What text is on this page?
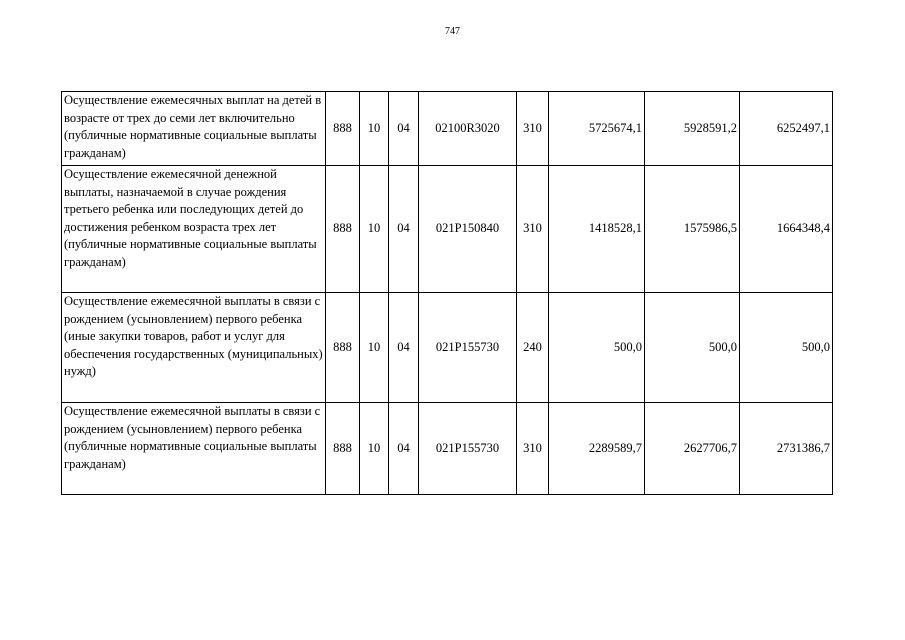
747
Осуществление ежемесячных выплат на детей в возрасте от трех до семи лет включительно (публичные нормативные социальные выплаты гражданам)	888	10	04	02100R3020	310	5725674,1	5928591,2	6252497,1
Осуществление ежемесячной денежной выплаты, назначаемой в случае рождения третьего ребенка или последующих детей до достижения ребенком возраста трех лет (публичные нормативные социальные выплаты гражданам)	888	10	04	021P150840	310	1418528,1	1575986,5	1664348,4
Осуществление ежемесячной выплаты в связи с рождением (усыновлением) первого ребенка (иные закупки товаров, работ и услуг для обеспечения государственных (муниципальных) нужд)	888	10	04	021P155730	240	500,0	500,0	500,0
Осуществление ежемесячной выплаты в связи с рождением (усыновлением) первого ребенка (публичные нормативные социальные выплаты гражданам)	888	10	04	021P155730	310	2289589,7	2627706,7	2731386,7
